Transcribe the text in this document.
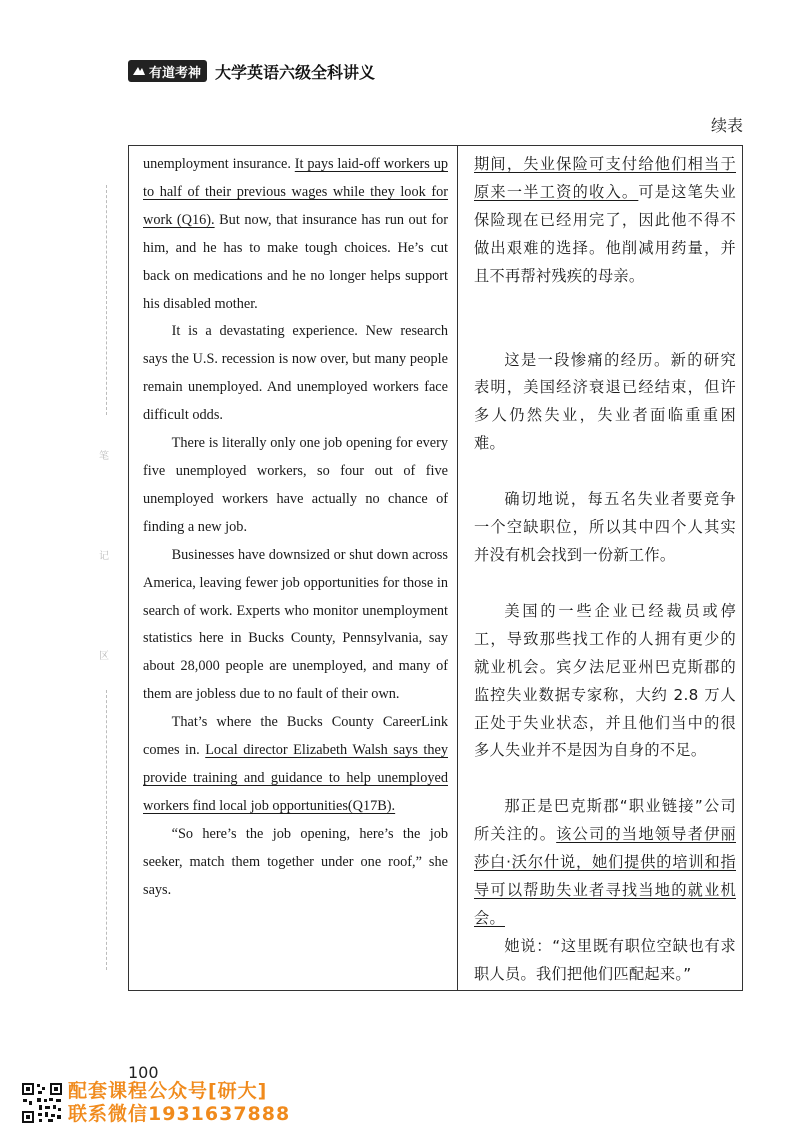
有道考神 大学英语六级全科讲义
续表
笔
记
区

unemployment insurance. It pays laid-off workers up to half of their previous wages while they look for work (Q16). But now, that insurance has run out for him, and he has to make tough choices. He’s cut back on medications and he no longer helps support his disabled mother.

It is a devastating experience. New research says the U.S. recession is now over, but many people remain unemployed. And unemployed workers face difficult odds.

There is literally only one job opening for every five unemployed workers, so four out of five unemployed workers have actually no chance of finding a new job.

Businesses have downsized or shut down across America, leaving fewer job opportunities for those in search of work. Experts who monitor unemployment statistics here in Bucks County, Pennsylvania, say about 28,000 people are unemployed, and many of them are jobless due to no fault of their own.

That’s where the Bucks County CareerLink comes in. Local director Elizabeth Walsh says they provide training and guidance to help unemployed workers find local job opportunities(Q17B).

“So here’s the job opening, here’s the job seeker, match them together under one roof,” she says.

期间，失业保险可支付给他们相当于原来一半工资的收入。可是这笔失业保险现在已经用完了，因此他不得不做出艰难的选择。他削减用药量，并且不再帮衬残疾的母亲。

这是一段惨痛的经历。新的研究表明，美国经济衰退已经结束，但许多人仍然失业，失业者面临重重困难。

确切地说，每五名失业者要竞争一个空缺职位，所以其中四个人其实并没有机会找到一份新工作。

美国的一些企业已经裁员或停工，导致那些找工作的人拥有更少的就业机会。宾夕法尼亚州巴克斯郡的监控失业数据专家称，大约 2.8 万人正处于失业状态，并且他们当中的很多人失业并不是因为自身的不足。

那正是巴克斯郡“职业链接”公司所关注的。该公司的当地领导者伊丽莎白·沃尔什说，她们提供的培训和指导可以帮助失业者寻找当地的就业机会。

她说：“这里既有职位空缺也有求职人员。我们把他们匹配起来。”

100
配套课程公众号[研大]
联系微信1931637888
